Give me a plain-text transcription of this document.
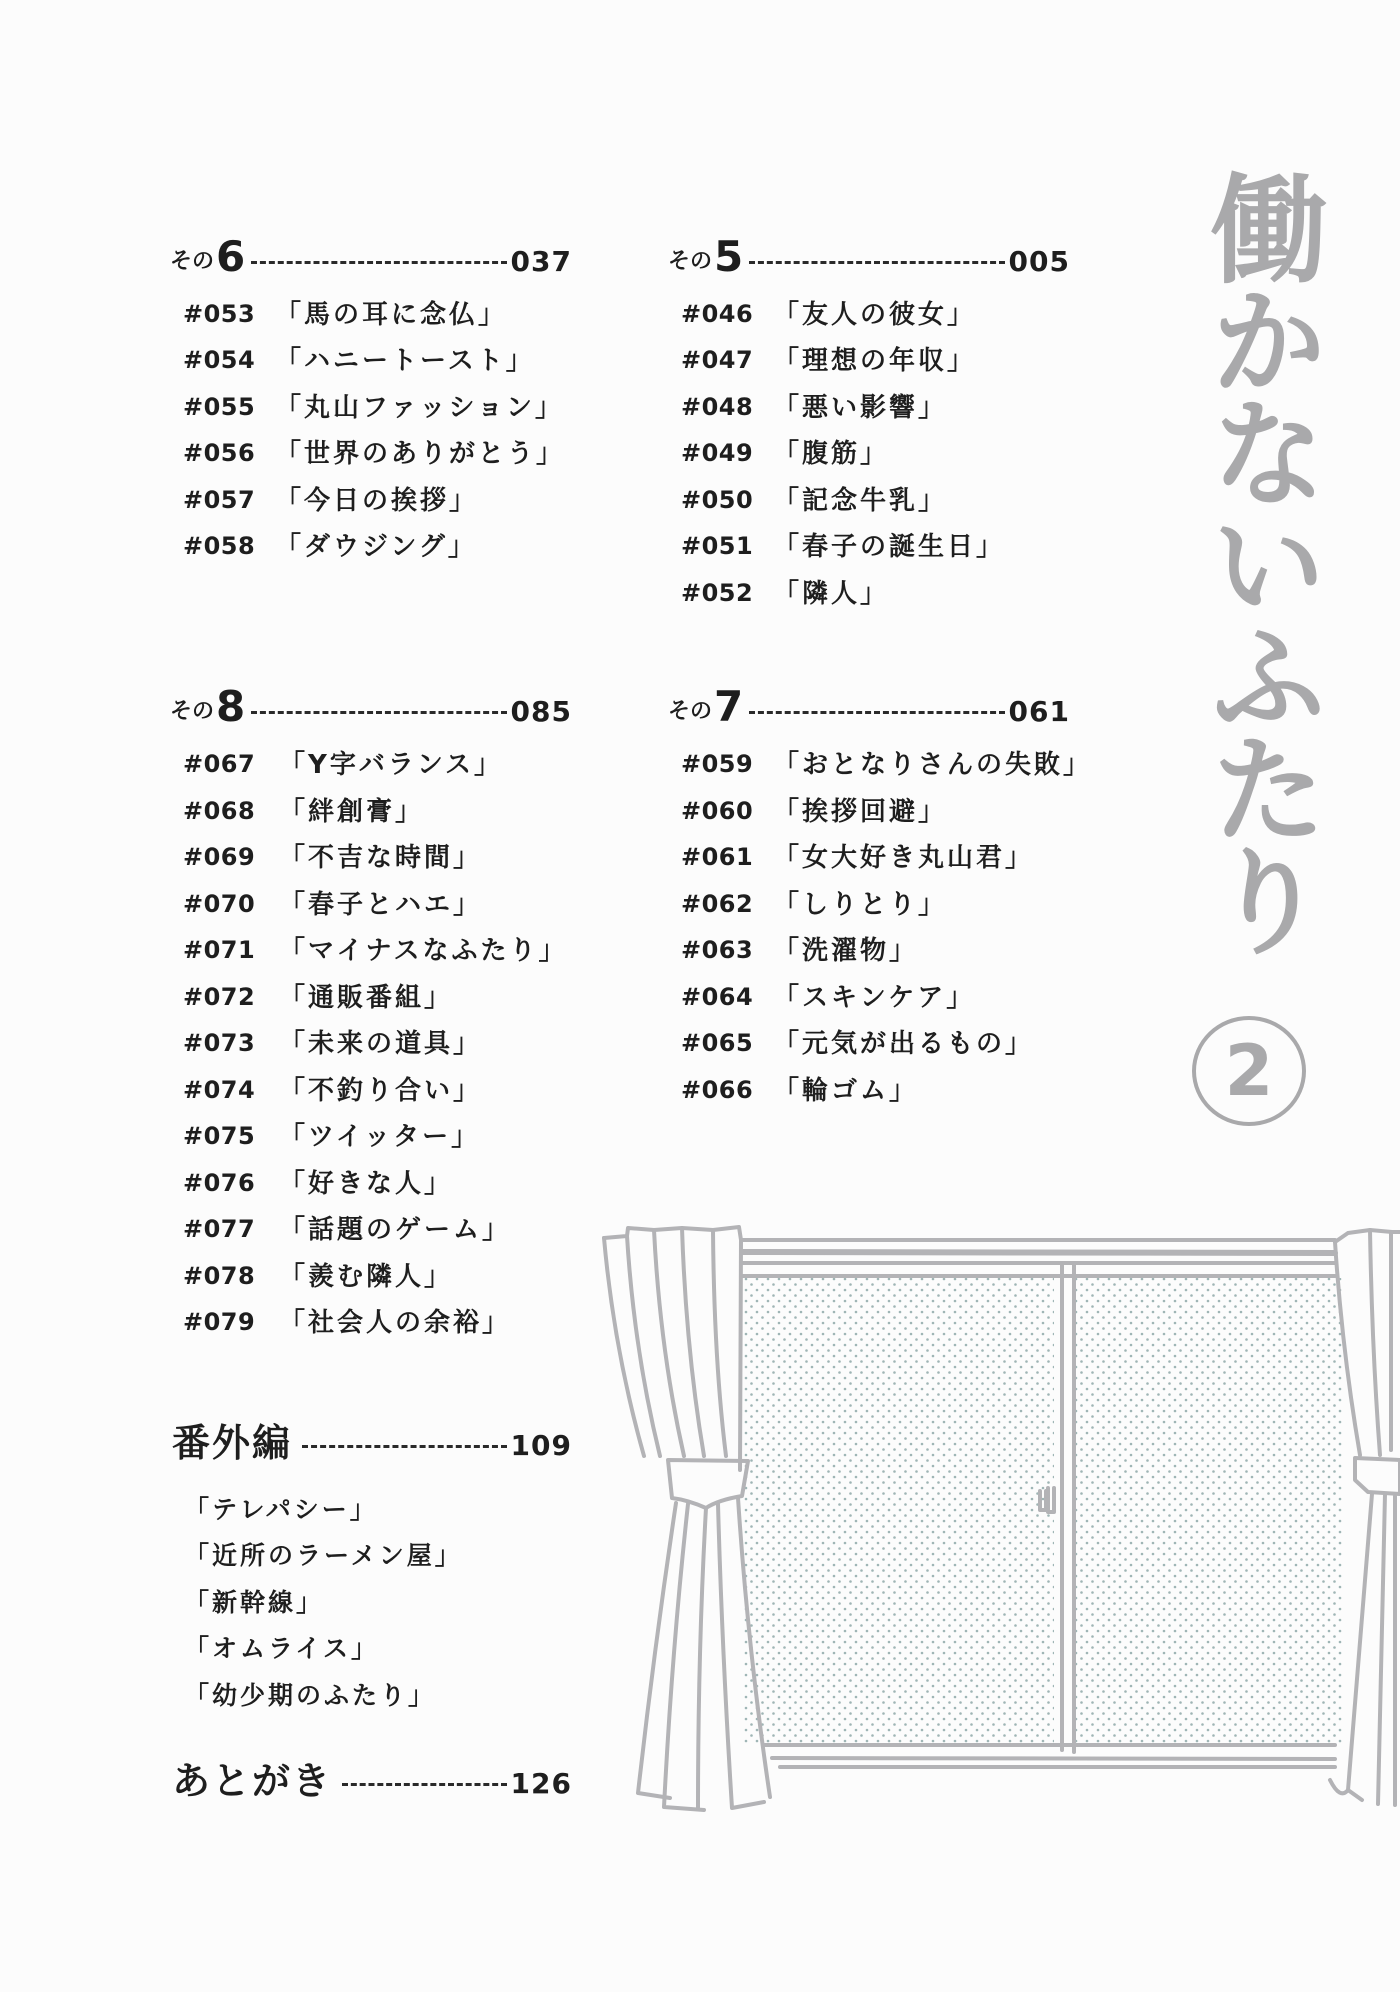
その 6	037
#053 「馬の耳に念仏」
#054 「ハニートースト」
#055 「丸山ファッション」
#056 「世界のありがとう」
#057 「今日の挨拶」
#058 「ダウジング」
その 5	005
#046 「友人の彼女」
#047 「理想の年収」
#048 「悪い影響」
#049 「腹筋」
#050 「記念牛乳」
#051 「春子の誕生日」
#052 「隣人」
その 8	085
#067 「Y字バランス」
#068 「絆創膏」
#069 「不吉な時間」
#070 「春子とハエ」
#071 「マイナスなふたり」
#072 「通販番組」
#073 「未来の道具」
#074 「不釣り合い」
#075 「ツイッター」
#076 「好きな人」
#077 「話題のゲーム」
#078 「羨む隣人」
#079 「社会人の余裕」
その 7	061
#059 「おとなりさんの失敗」
#060 「挨拶回避」
#061 「女大好き丸山君」
#062 「しりとり」
#063 「洗濯物」
#064 「スキンケア」
#065 「元気が出るもの」
#066 「輪ゴム」
番外編	109
「テレパシー」
「近所のラーメン屋」
「新幹線」
「オムライス」
「幼少期のふたり」
あとがき	126
働かないふたり
2
